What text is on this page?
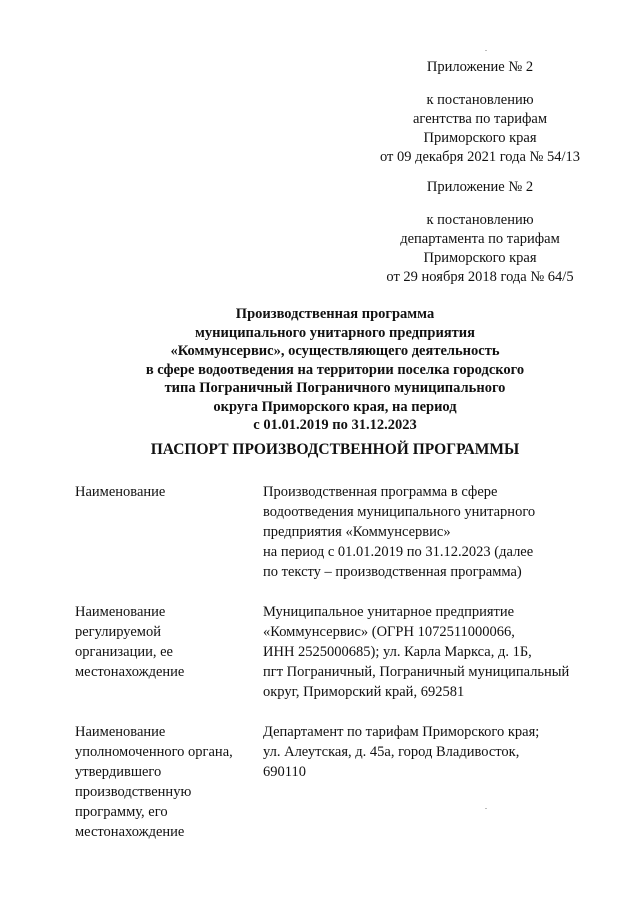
Приложение № 2
к постановлению
агентства по тарифам
Приморского края
от 09 декабря 2021 года № 54/13
Приложение № 2
к постановлению
департамента по тарифам
Приморского края
от 29 ноября 2018 года № 64/5
Производственная программа
муниципального унитарного предприятия
«Коммунсервис», осуществляющего деятельность
в сфере водоотведения на территории поселка городского
типа Пограничный Пограничного муниципального
округа Приморского края, на период
с 01.01.2019 по 31.12.2023
ПАСПОРТ ПРОИЗВОДСТВЕННОЙ ПРОГРАММЫ
Наименование	Производственная программа в сфере
водоотведения муниципального унитарного
предприятия «Коммунсервис»
на период с 01.01.2019 по 31.12.2023 (далее
по тексту – производственная программа)
Наименование
регулируемой
организации, ее
местонахождение
Муниципальное унитарное предприятие
«Коммунсервис» (ОГРН 1072511000066,
ИНН 2525000685); ул. Карла Маркса, д. 1Б,
пгт Пограничный, Пограничный муниципальный
округ, Приморский край, 692581
Наименование
уполномоченного органа,
утвердившего
производственную
программу, его
местонахождение
Департамент по тарифам Приморского края;
ул. Алеутская, д. 45а, город Владивосток,
690110
